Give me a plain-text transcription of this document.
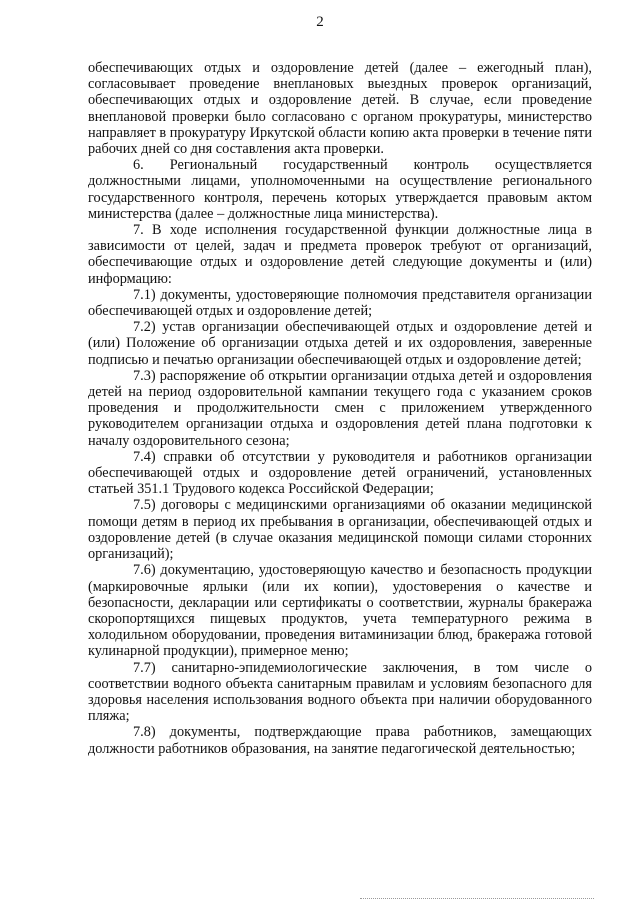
2

обеспечивающих отдых и оздоровление детей (далее – ежегодный план), согласовывает проведение внеплановых выездных проверок организаций, обеспечивающих отдых и оздоровление детей. В случае, если проведение внеплановой проверки было согласовано с органом прокуратуры, министерство направляет в прокуратуру Иркутской области копию акта проверки в течение пяти рабочих дней со дня составления акта проверки.

6. Региональный государственный контроль осуществляется должностными лицами, уполномоченными на осуществление регионального государственного контроля, перечень которых утверждается правовым актом министерства (далее – должностные лица министерства).

7. В ходе исполнения государственной функции должностные лица в зависимости от целей, задач и предмета проверок требуют от организаций, обеспечивающие отдых и оздоровление детей следующие документы и (или) информацию:

7.1) документы, удостоверяющие полномочия представителя организации обеспечивающей отдых и оздоровление детей;

7.2) устав организации обеспечивающей отдых и оздоровление детей и (или) Положение об организации отдыха детей и их оздоровления, заверенные подписью и печатью организации обеспечивающей отдых и оздоровление детей;

7.3) распоряжение об открытии организации отдыха детей и оздоровления детей на период оздоровительной кампании текущего года с указанием сроков проведения и продолжительности смен с приложением утвержденного руководителем организации отдыха и оздоровления детей плана подготовки к началу оздоровительного сезона;

7.4) справки об отсутствии у руководителя и работников организации обеспечивающей отдых и оздоровление детей ограничений, установленных статьей 351.1 Трудового кодекса Российской Федерации;

7.5) договоры с медицинскими организациями об оказании медицинской помощи детям в период их пребывания в организации, обеспечивающей отдых и оздоровление детей (в случае оказания медицинской помощи силами сторонних организаций);

7.6) документацию, удостоверяющую качество и безопасность продукции (маркировочные ярлыки (или их копии), удостоверения о качестве и безопасности, декларации или сертификаты о соответствии, журналы бракеража скоропортящихся пищевых продуктов, учета температурного режима в холодильном оборудовании, проведения витаминизации блюд, бракеража готовой кулинарной продукции), примерное меню;

7.7) санитарно-эпидемиологические заключения, в том числе о соответствии водного объекта санитарным правилам и условиям безопасного для здоровья населения использования водного объекта при наличии оборудованного пляжа;

7.8) документы, подтверждающие права работников, замещающих должности работников образования, на занятие педагогической деятельностью;
